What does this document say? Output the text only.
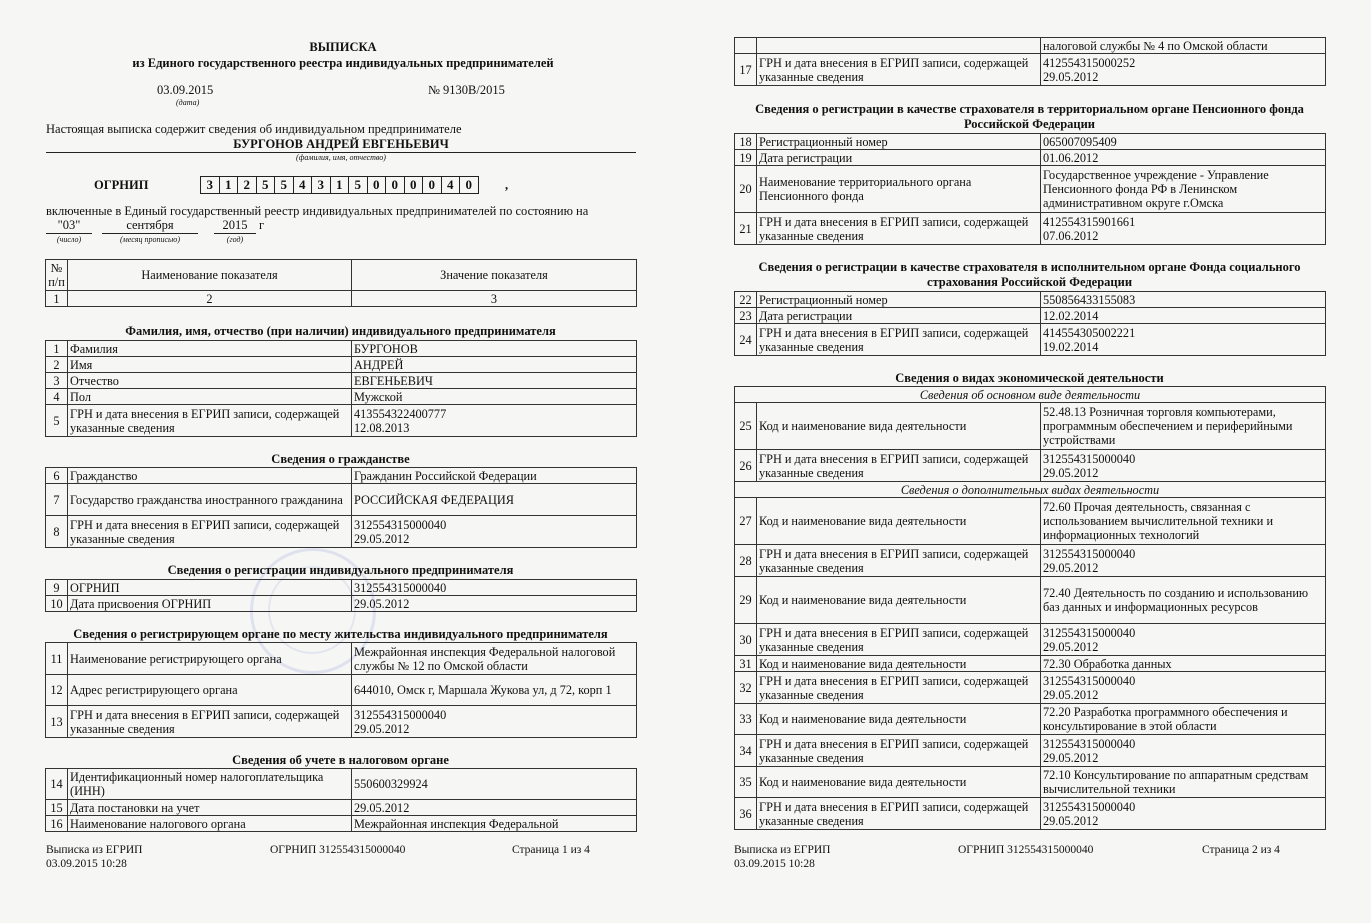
ВЫПИСКА
из Единого государственного реестра индивидуальных предпринимателей
03.09.2015
(дата)
№ 9130В/2015
Настоящая выписка содержит сведения об индивидуальном предпринимателе
БУРГОНОВ АНДРЕЙ ЕВГЕНЬЕВИЧ
(фамилия, имя, отчество)
ОГРНИП	3 1 2 5 5 4 3 1 5 0 0 0 0 4 0	,
включенные в Единый государственный реестр индивидуальных предпринимателей по состоянию на
"03"	сентября	2015 г
(число)	(месяц прописью)	(год)
№ п/п	Наименование показателя	Значение показателя
1	2	3
Фамилия, имя, отчество (при наличии) индивидуального предпринимателя
1	Фамилия	БУРГОНОВ
2	Имя	АНДРЕЙ
3	Отчество	ЕВГЕНЬЕВИЧ
4	Пол	Мужской
5	ГРН и дата внесения в ЕГРИП записи, содержащей указанные сведения	413554322400777
12.08.2013
Сведения о гражданстве
6	Гражданство	Гражданин Российской Федерации
7	Государство гражданства иностранного гражданина	РОССИЙСКАЯ ФЕДЕРАЦИЯ
8	ГРН и дата внесения в ЕГРИП записи, содержащей указанные сведения	312554315000040
29.05.2012
Сведения о регистрации индивидуального предпринимателя
9	ОГРНИП	312554315000040
10	Дата присвоения ОГРНИП	29.05.2012
Сведения о регистрирующем органе по месту жительства индивидуального предпринимателя
11	Наименование регистрирующего органа	Межрайонная инспекция Федеральной налоговой службы № 12 по Омской области
12	Адрес регистрирующего органа	644010, Омск г, Маршала Жукова ул, д 72, корп 1
13	ГРН и дата внесения в ЕГРИП записи, содержащей указанные сведения	312554315000040
29.05.2012
Сведения об учете в налоговом органе
14	Идентификационный номер налогоплательщика (ИНН)	550600329924
15	Дата постановки на учет	29.05.2012
16	Наименование налогового органа	Межрайонная инспекция Федеральной
Выписка из ЕГРИП
03.09.2015 10:28
ОГРНИП 312554315000040	Страница 1 из 4
		налоговой службы № 4 по Омской области
17	ГРН и дата внесения в ЕГРИП записи, содержащей указанные сведения	412554315000252
29.05.2012
Сведения о регистрации в качестве страхователя в территориальном органе Пенсионного фонда Российской Федерации
18	Регистрационный номер	065007095409
19	Дата регистрации	01.06.2012
20	Наименование территориального органа Пенсионного фонда	Государственное учреждение - Управление Пенсионного фонда РФ в Ленинском административном округе г.Омска
21	ГРН и дата внесения в ЕГРИП записи, содержащей указанные сведения	412554315901661
07.06.2012
Сведения о регистрации в качестве страхователя в исполнительном органе Фонда социального страхования Российской Федерации
22	Регистрационный номер	550856433155083
23	Дата регистрации	12.02.2014
24	ГРН и дата внесения в ЕГРИП записи, содержащей указанные сведения	414554305002221
19.02.2014
Сведения о видах экономической деятельности
Сведения об основном виде деятельности		
25	Код и наименование вида деятельности	52.48.13 Розничная торговля компьютерами, программным обеспечением и периферийными устройствами
26	ГРН и дата внесения в ЕГРИП записи, содержащей указанные сведения	312554315000040
29.05.2012

Сведения о дополнительных видах деятельности		
27	Код и наименование вида деятельности	72.60 Прочая деятельность, связанная с использованием вычислительной техники и информационных технологий
28	ГРН и дата внесения в ЕГРИП записи, содержащей указанные сведения	312554315000040
29.05.2012

29	Код и наименование вида деятельности	72.40 Деятельность по созданию и использованию баз данных и информационных ресурсов
30	ГРН и дата внесения в ЕГРИП записи, содержащей указанные сведения	312554315000040
29.05.2012

31	Код и наименование вида деятельности	72.30 Обработка данных
32	ГРН и дата внесения в ЕГРИП записи, содержащей указанные сведения	312554315000040
29.05.2012

33	Код и наименование вида деятельности	72.20 Разработка программного обеспечения и консультирование в этой области
34	ГРН и дата внесения в ЕГРИП записи, содержащей указанные сведения	312554315000040
29.05.2012

35	Код и наименование вида деятельности	72.10 Консультирование по аппаратным средствам вычислительной техники
36	ГРН и дата внесения в ЕГРИП записи, содержащей указанные сведения	312554315000040
29.05.2012
Выписка из ЕГРИП
03.09.2015 10:28
ОГРНИП 312554315000040	Страница 2 из 4
